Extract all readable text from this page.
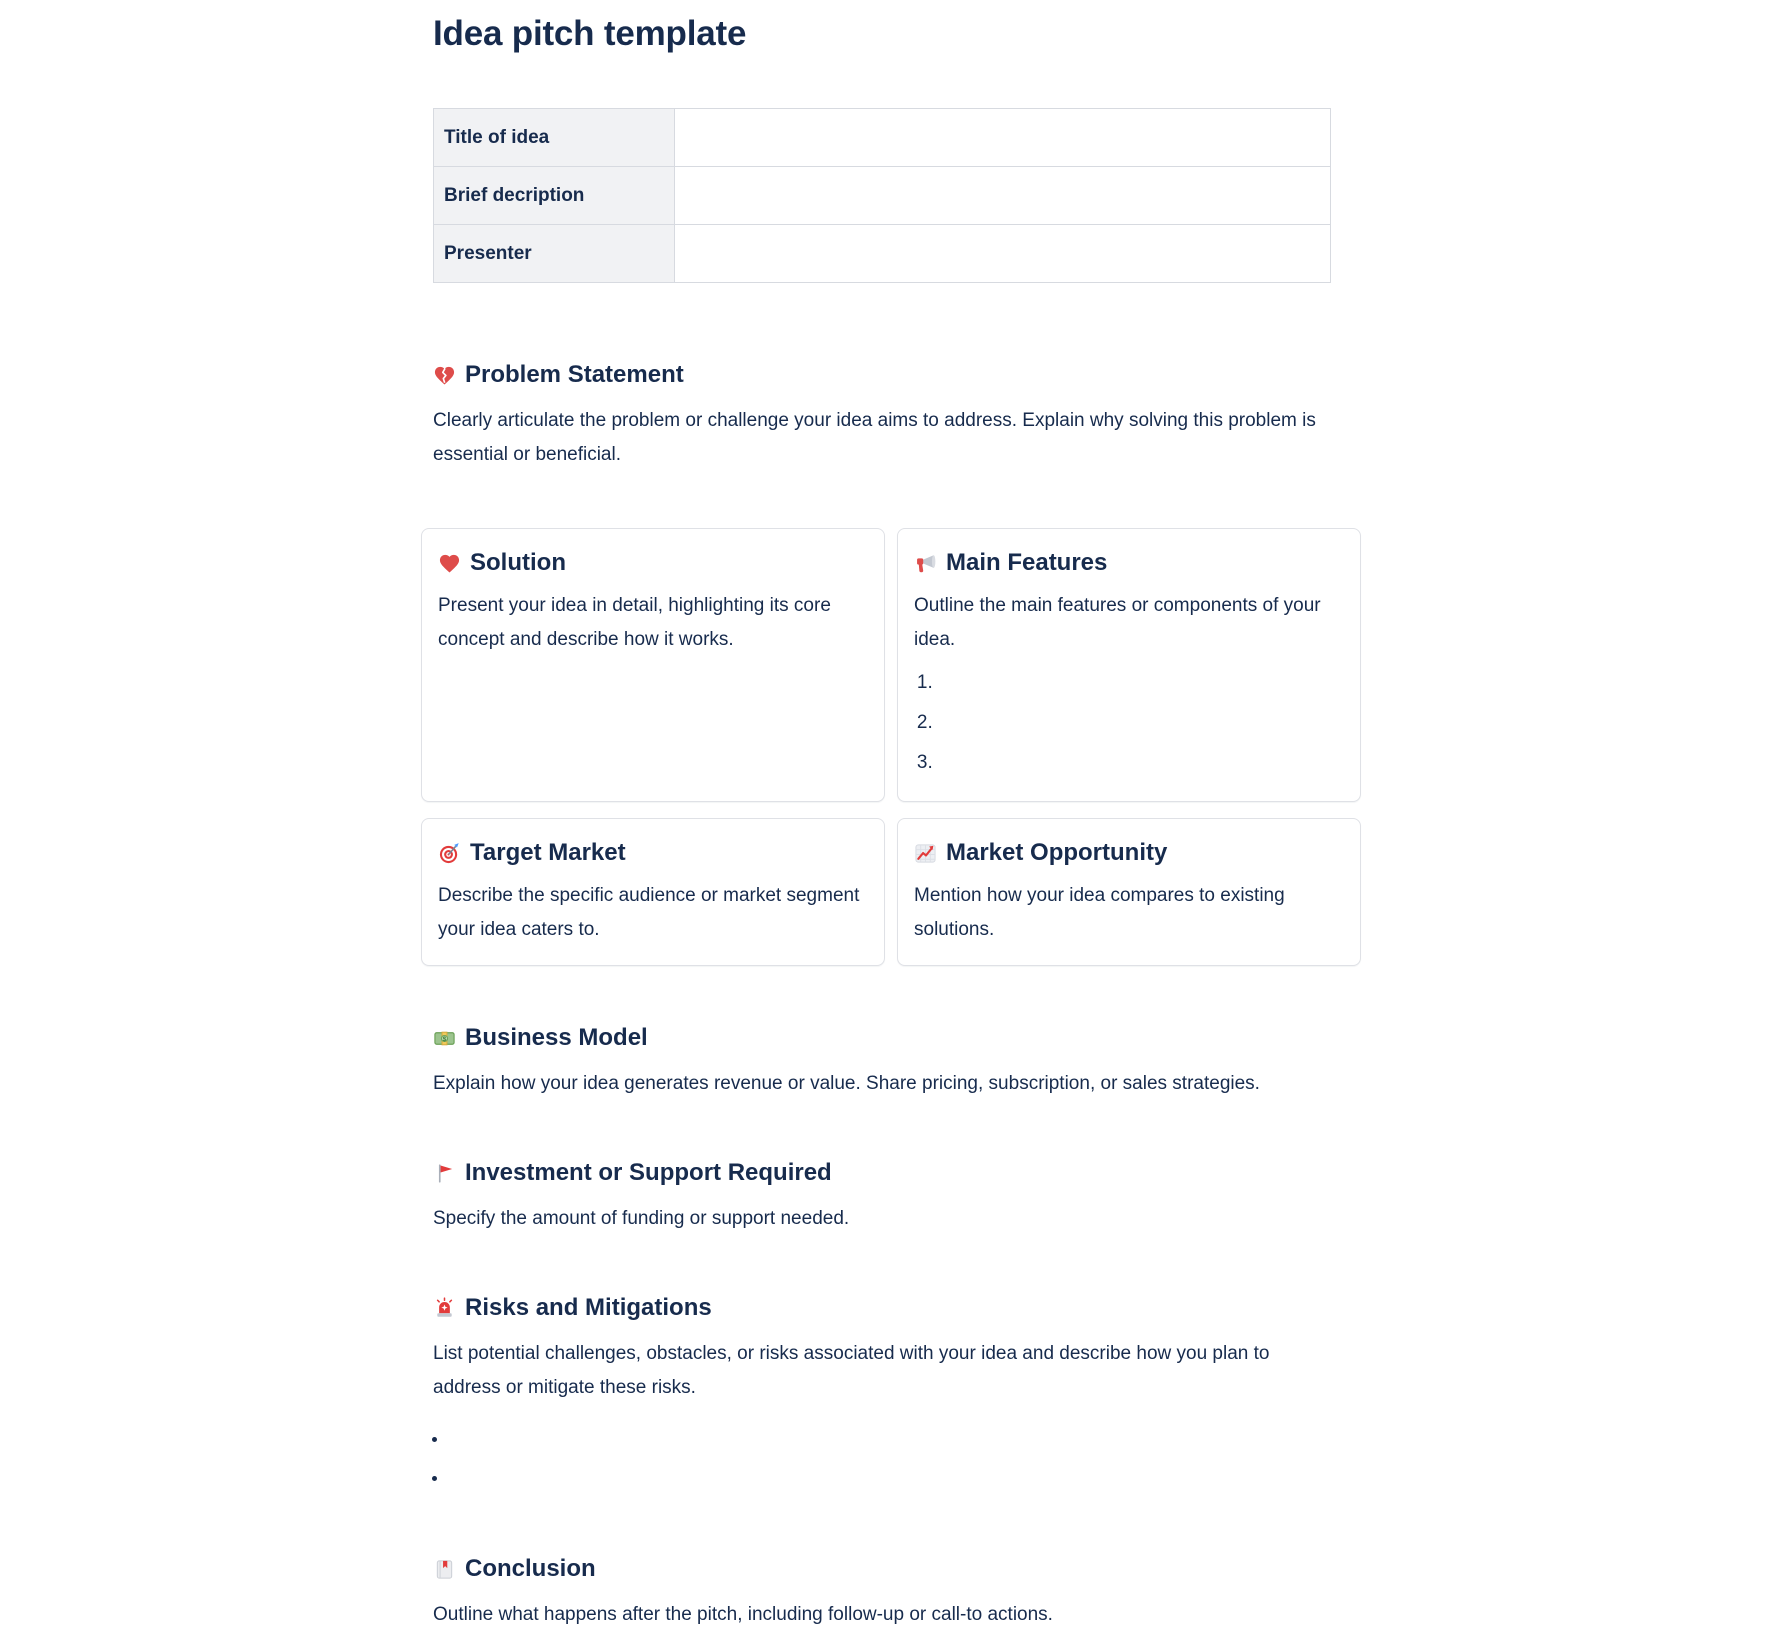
Idea pitch template
Title of idea	
Brief decription	
Presenter	
Problem Statement

Clearly articulate the problem or challenge your idea aims to address. Explain why solving this problem is essential or beneficial.

Solution

Present your idea in detail, highlighting its core concept and describe how it works.

Main Features

Outline the main features or components of your idea.

1.
2.
3.
Target Market

Describe the specific audience or market segment your idea caters to.

Market Opportunity

Mention how your idea compares to existing solutions.

$ Business Model

Explain how your idea generates revenue or value. Share pricing, subscription, or sales strategies.

Investment or Support Required

Specify the amount of funding or support needed.

Risks and Mitigations

List potential challenges, obstacles, or risks associated with your idea and describe how you plan to address or mitigate these risks.

•
•
Conclusion

Outline what happens after the pitch, including follow-up or call-to actions.
